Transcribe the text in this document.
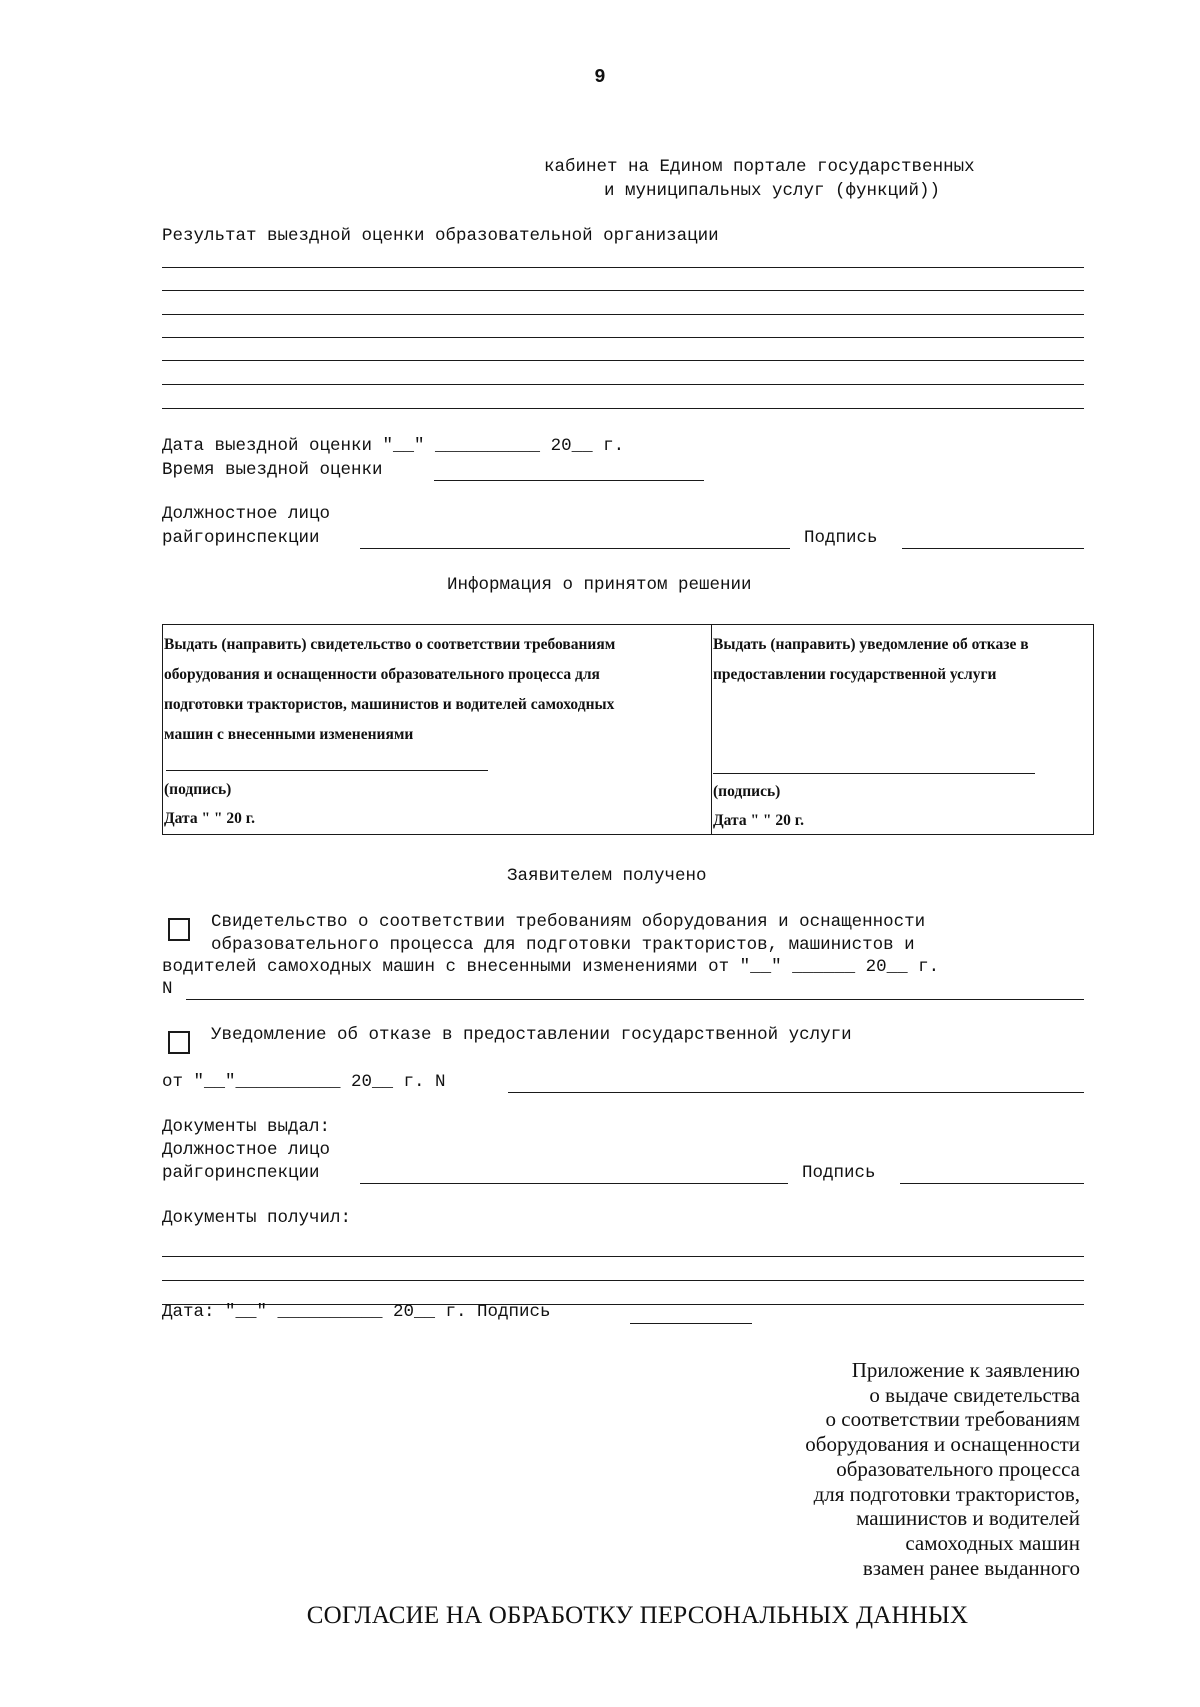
9
кабинет на Едином портале государственных
и муниципальных услуг (функций))
Результат выездной оценки образовательной организации
Дата выездной оценки "__" __________ 20__ г.
Время выездной оценки
Должностное лицо
райгоринспекции	Подпись
Информация о принятом решении
Выдать (направить) свидетельство о соответствии требованиям
оборудования и оснащенности образовательного процесса для
подготовки трактористов, машинистов и водителей самоходных
машин с внесенными изменениями
(подпись)
Дата " " 20 г.
Выдать (направить) уведомление об отказе в
предоставлении государственной услуги
(подпись)
Дата " " 20 г.
Заявителем получено
Свидетельство о соответствии требованиям оборудования и оснащенности
образовательного процесса для подготовки трактористов, машинистов и
водителей самоходных машин с внесенными изменениями от "__" ______ 20__ г.
N
Уведомление об отказе в предоставлении государственной услуги
от "__"__________ 20__ г. N
Документы выдал:
Должностное лицо
райгоринспекции	Подпись
Документы получил:
Дата: "__" __________ 20__ г. Подпись
Приложение к заявлению
о выдаче свидетельства
о соответствии требованиям
оборудования и оснащенности
образовательного процесса
для подготовки трактористов,
машинистов и водителей
самоходных машин
взамен ранее выданного
СОГЛАСИЕ НА ОБРАБОТКУ ПЕРСОНАЛЬНЫХ ДАННЫХ
